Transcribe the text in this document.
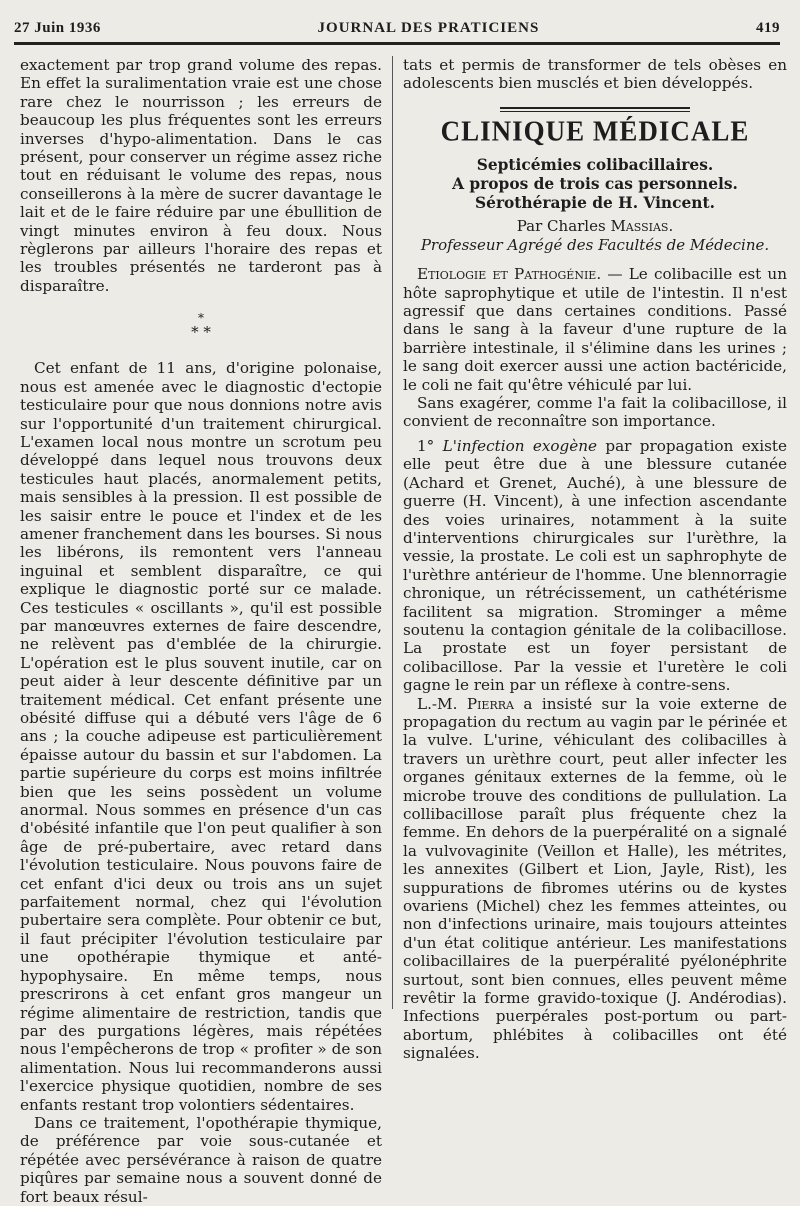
27 Juin 1936	JOURNAL DES PRATICIENS	419

exactement par trop grand volume des repas. En effet la suralimentation vraie est une chose rare chez le nourrisson ; les erreurs de beaucoup les plus fréquentes sont les erreurs inverses d'hypo-alimentation. Dans le cas présent, pour conserver un régime assez riche tout en réduisant le volume des repas, nous conseillerons à la mère de sucrer davantage le lait et de le faire réduire par une ébullition de vingt minutes environ à feu doux. Nous règlerons par ailleurs l'horaire des repas et les troubles présentés ne tarderont pas à disparaître.

*
* *

Cet enfant de 11 ans, d'origine polonaise, nous est amenée avec le diagnostic d'ectopie testiculaire pour que nous donnions notre avis sur l'opportunité d'un traitement chirurgical. L'examen local nous montre un scrotum peu développé dans lequel nous trouvons deux testicules haut placés, anormalement petits, mais sensibles à la pression. Il est possible de les saisir entre le pouce et l'index et de les amener franchement dans les bourses. Si nous les libérons, ils remontent vers l'anneau inguinal et semblent disparaître, ce qui explique le diagnostic porté sur ce malade. Ces testicules « oscillants », qu'il est possible par manœuvres externes de faire descendre, ne relèvent pas d'emblée de la chirurgie. L'opération est le plus souvent inutile, car on peut aider à leur descente définitive par un traitement médical. Cet enfant présente une obésité diffuse qui a débuté vers l'âge de 6 ans ; la couche adipeuse est particulièrement épaisse autour du bassin et sur l'abdomen. La partie supérieure du corps est moins infiltrée bien que les seins possèdent un volume anormal. Nous sommes en présence d'un cas d'obésité infantile que l'on peut qualifier à son âge de pré-pubertaire, avec retard dans l'évolution testiculaire. Nous pouvons faire de cet enfant d'ici deux ou trois ans un sujet parfaitement normal, chez qui l'évolution pubertaire sera complète. Pour obtenir ce but, il faut précipiter l'évolution testiculaire par une opothérapie thymique et anté-hypophysaire. En même temps, nous prescrirons à cet enfant gros mangeur un régime alimentaire de restriction, tandis que par des purgations légères, mais répétées nous l'empêcherons de trop « profiter » de son alimentation. Nous lui recommanderons aussi l'exercice physique quotidien, nombre de ses enfants restant trop volontiers sédentaires.

Dans ce traitement, l'opothérapie thymique, de préférence par voie sous-cutanée et répétée avec persévérance à raison de quatre piqûres par semaine nous a souvent donné de fort beaux résul-

tats et permis de transformer de tels obèses en adolescents bien musclés et bien développés.

CLINIQUE MÉDICALE
Septicémies colibacillaires.
A propos de trois cas personnels.
Sérothérapie de H. Vincent.
Par Charles Massias.
Professeur Agrégé des Facultés de Médecine.

Etiologie et Pathogénie. — Le colibacille est un hôte saprophytique et utile de l'intestin. Il n'est agressif que dans certaines conditions. Passé dans le sang à la faveur d'une rupture de la barrière intestinale, il s'élimine dans les urines ; le sang doit exercer aussi une action bactéricide, le coli ne fait qu'être véhiculé par lui.

Sans exagérer, comme l'a fait la colibacillose, il convient de reconnaître son importance.

1° L'infection exogène par propagation existe elle peut être due à une blessure cutanée (Achard et Grenet, Auché), à une blessure de guerre (H. Vincent), à une infection ascendante des voies urinaires, notamment à la suite d'interventions chirurgicales sur l'urèthre, la vessie, la prostate. Le coli est un saphrophyte de l'urèthre antérieur de l'homme. Une blennorragie chronique, un rétrécissement, un cathétérisme facilitent sa migration. Strominger a même soutenu la contagion génitale de la colibacillose. La prostate est un foyer persistant de colibacillose. Par la vessie et l'uretère le coli gagne le rein par un réflexe à contre-sens.

L.-M. Pierra a insisté sur la voie externe de propagation du rectum au vagin par le périnée et la vulve. L'urine, véhiculant des colibacilles à travers un urèthre court, peut aller infecter les organes génitaux externes de la femme, où le microbe trouve des conditions de pullulation. La collibacillose paraît plus fréquente chez la femme. En dehors de la puerpéralité on a signalé la vulvovaginite (Veillon et Halle), les métrites, les annexites (Gilbert et Lion, Jayle, Rist), les suppurations de fibromes utérins ou de kystes ovariens (Michel) chez les femmes atteintes, ou non d'infections urinaire, mais toujours atteintes d'un état colitique antérieur. Les manifestations colibacillaires de la puerpéralité pyélonéphrite surtout, sont bien connues, elles peuvent même revêtir la forme gravido-toxique (J. Andérodias). Infections puerpérales post-portum ou part-abortum, phlébites à colibacilles ont été signalées.
